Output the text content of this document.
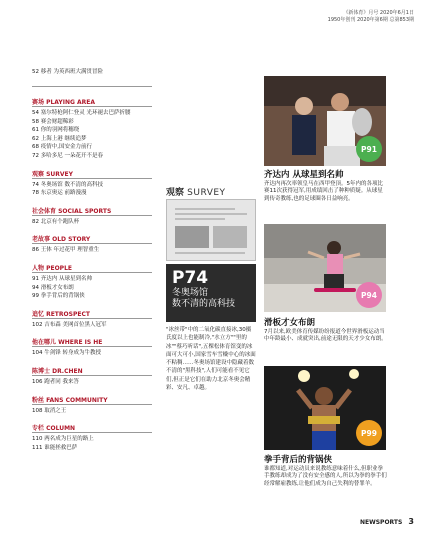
《新体育》月号 2020年6月1日
1950年创刊 2020年第6期 总第853期
52 移者 为英西班大满贯冒险
赛场 PLAYING AREA
54 塞尔特枪阿仁登灵 光环褪去巴萨折腰
58 赛会财超稀彩
61 你的羽网将穗绕
62 上海上港 继续追梦
68 疫情中,国安金力前行
72 多哈多尼 一朵花开不是春
观察 SURVEY
74 冬奥场馆 数不清的高科技
78 东京奥运 前路漫漫
社会体育 SOCIAL SPORTS
82 北京有个跑队杯
老故事 OLD STORY
86 王体 年过花甲 理智重生
人物 PEOPLE
91 齐达内 从球星到名帅
94 滑板才女布朗
99 拳手背后的背锅侠
追忆 RETROSPECT
102 吉布森 美网首位黑人冠军
他在哪儿 WHERE IS HE
104 牛剑锋 转身成为牛教授
陈博士 DR.CHEN
106 跑者同 我来答
粉丝 FANS COMMUNITY
108 取消之王
专栏 COLUMN
110 两名成为巨星的路上
111 谁能拯救巴萨
观察 SURVEY
P74
冬奥场馆
数不清的高科技
"冰丝带"中的二氧化碳直接冰,30摄氏度以上也能制冷,"水立方""里的冰""蔡巧听话",五棵松体育馆变的冰面可大可小,国家雪车雪橇中心的冰面不粘稠……冬奥场馆建设中隐藏着数不清的"黑科技",人们可能看不见它们,但正是它们在助力北京冬奥会精彩、安凡、卓越。
P91
齐达内 从球星到名帅
齐达内再次率领皇马在西甲登顶。5年内的各项比赛11次获得冠军,用成绩回击了种种质疑。从球星到传奇教练,也的足球圈各日益响亮。
P94
滑板才女布朗
7月以来,欧美体育传媒纷纷报道今世界滑板运动当中年龄最小、成就突出,前途无限的天才少女布朗。
P99
拳手背后的背锅侠
谁都知道,对运动员来说教练意味着什么,但职业拳手教练却成为了没有安全感的人,所以为拳的拳手们经常解雇教练,让他们成为自己失利的替罪羊。
NEWSPORTS 3
